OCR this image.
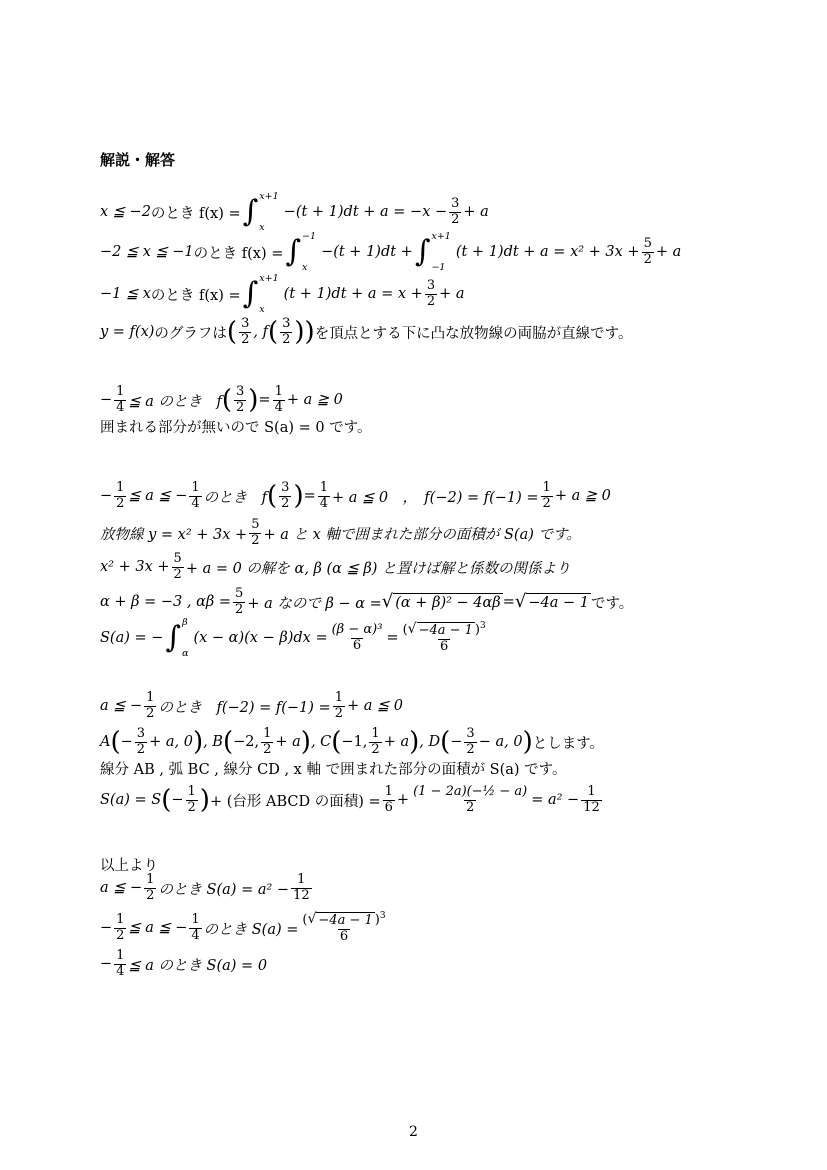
解説・解答
x ≦ −2 のとき f(x) = ∫ x+1
x
$-(t + 1)dt + a = -x - \frac{3}{2} + a$
−2 ≦ x ≦ −1 のとき f(x) = ∫ −1
x
−(t + 1)dt + ∫ x+1
−1
$(t + 1)dt + a = x^2 + 3x + \frac{5}{2} + a$
−1 ≦ x のとき f(x) = ∫ x+1
x
$(t + 1)dt + a = x + \frac{3}{2} + a$
y = f(x) のグラフは ( $\frac{3}{2}$ , f ( $\frac{3}{2}$ )) を頂点とする下に凸な放物線の両脇が直線です。
− $\frac{1}{4}$ ≦ a のとき　f ( $\frac{3}{2}$ ) = $\frac{1}{4} + a$ ≧ 0
囲まれる部分が無いので S(a) = 0 です。
− $\frac{1}{2}$ ≦ a ≦ − $\frac{1}{4}$ のとき　f ( $\frac{3}{2}$ ) = $\frac{1}{4} + a$ ≦ 0　，　$f(-2) = f(-1) = \frac{1}{2} + a$ ≧ 0
放物線 $y = x^2 + 3x + \frac{5}{2} + a$ と x 軸で囲まれた部分の面積が S(a) です。
$x^2 + 3x + \frac{5}{2} + a = 0$ の解を α, β (α ≦ β) と置けば解と係数の関係より
α + β = −3 , $\alpha\beta = \frac{5}{2} + a$ なので β − α = √ (α + β)² − 4αβ = √ −4a − 1 です。
S(a) = − ∫ β
α
$(x - \alpha)(x - \beta)dx = \frac{\text{(β − α)³}}{6} = \frac{( √ -4a - 1 )^3}{6}$
a ≦ − $\frac{1}{2}$ のとき　$f(-2) = f(-1) = \frac{1}{2} + a$ ≦ 0
A ( − $\frac{3}{2} + a$, 0 ) , B ( −2, $\frac{1}{2} + a$ ) , C ( −1, $\frac{1}{2} + a$ ) , D ( − $\frac{3}{2} - a$, 0 ) とします。
線分 AB , 弧 BC , 線分 CD , x 軸 で囲まれた部分の面積が S(a) です。
S(a) = S ( − $\frac{1}{2}$ ) + (台形 ABCD の面積) = $\frac{1}{6} + \frac{\text{(1 − 2a)(−½ − a)}}{2} = a^2 - \frac{1}{12}$
以上より
a ≦ − $\frac{1}{2}$ のとき $S(a) = a^2 - \frac{1}{12}$
− $\frac{1}{2}$ ≦ a ≦ − $\frac{1}{4}$ のとき $S(a) = \frac{( √ -4a - 1 )^3}{6}$
− $\frac{1}{4}$ ≦ a のとき S(a) = 0
2
